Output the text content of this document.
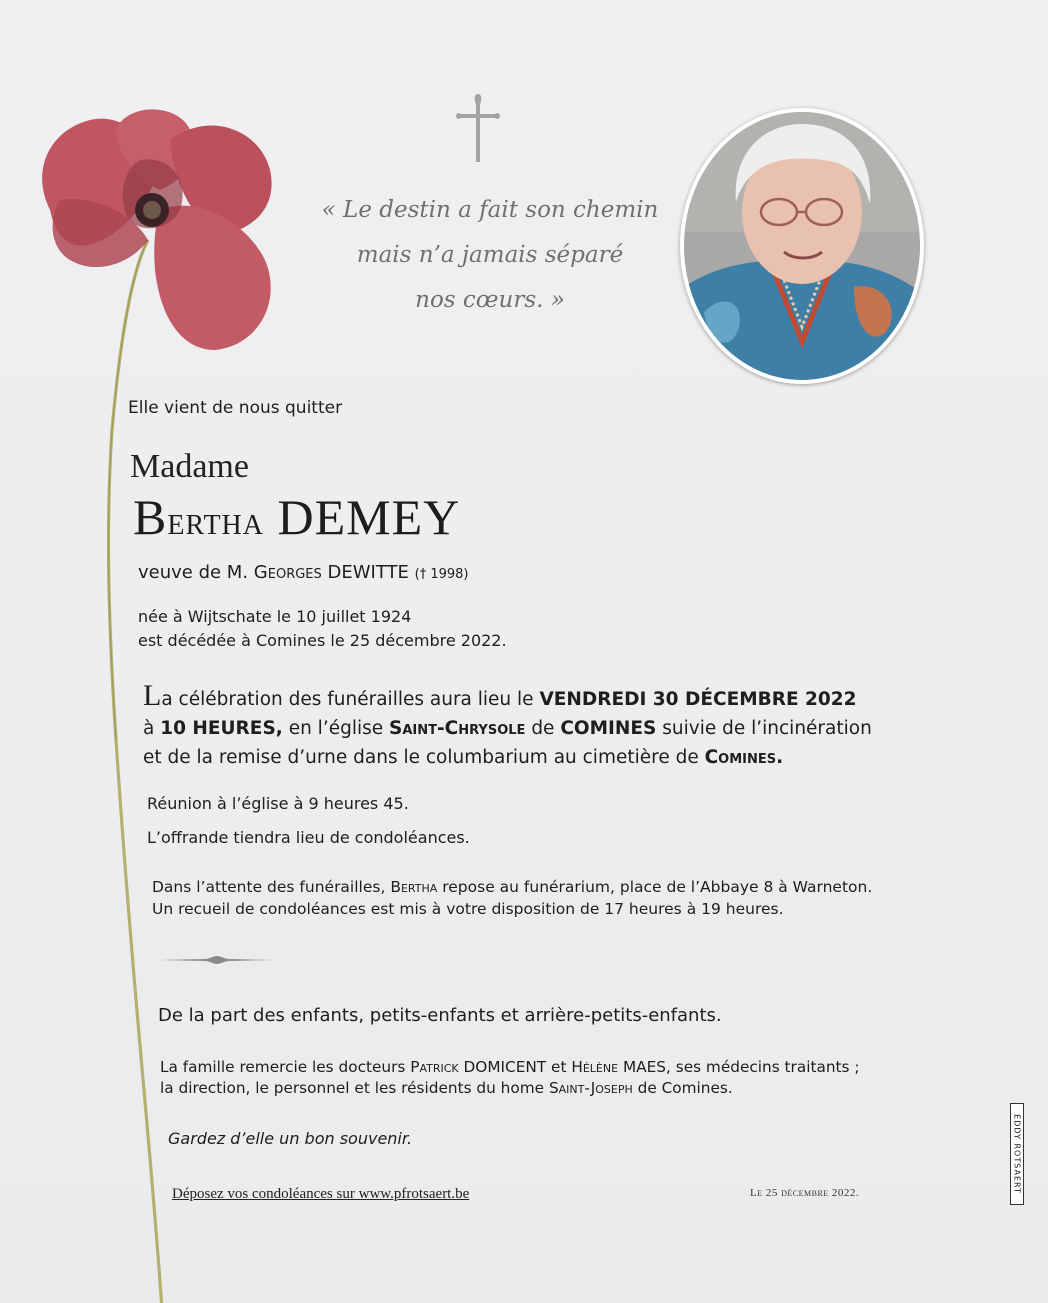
« Le destin a fait son chemin
mais n’a jamais séparé
nos cœurs. »
Elle vient de nous quitter
Madame
Bertha DEMEY
veuve de M. Georges DEWITTE († 1998)
née à Wijtschate le 10 juillet 1924
est décédée à Comines le 25 décembre 2022.
La célébration des funérailles aura lieu le VENDREDI 30 DÉCEMBRE 2022
à 10 HEURES, en l’église Saint-Chrysole de COMINES suivie de l’incinération
et de la remise d’urne dans le columbarium au cimetière de Comines.
Réunion à l’église à 9 heures 45.
L’offrande tiendra lieu de condoléances.
Dans l’attente des funérailles, Bertha repose au funérarium, place de l’Abbaye 8 à Warneton.
Un recueil de condoléances est mis à votre disposition de 17 heures à 19 heures.
De la part des enfants, petits-enfants et arrière-petits-enfants.
La famille remercie les docteurs Patrick DOMICENT et Hélène MAES, ses médecins traitants ;
la direction, le personnel et les résidents du home Saint-Joseph de Comines.
Gardez d’elle un bon souvenir.
Déposez vos condoléances sur www.pfrotsaert.be	Le 25 décembre 2022.	EDDY ROTSAERT
